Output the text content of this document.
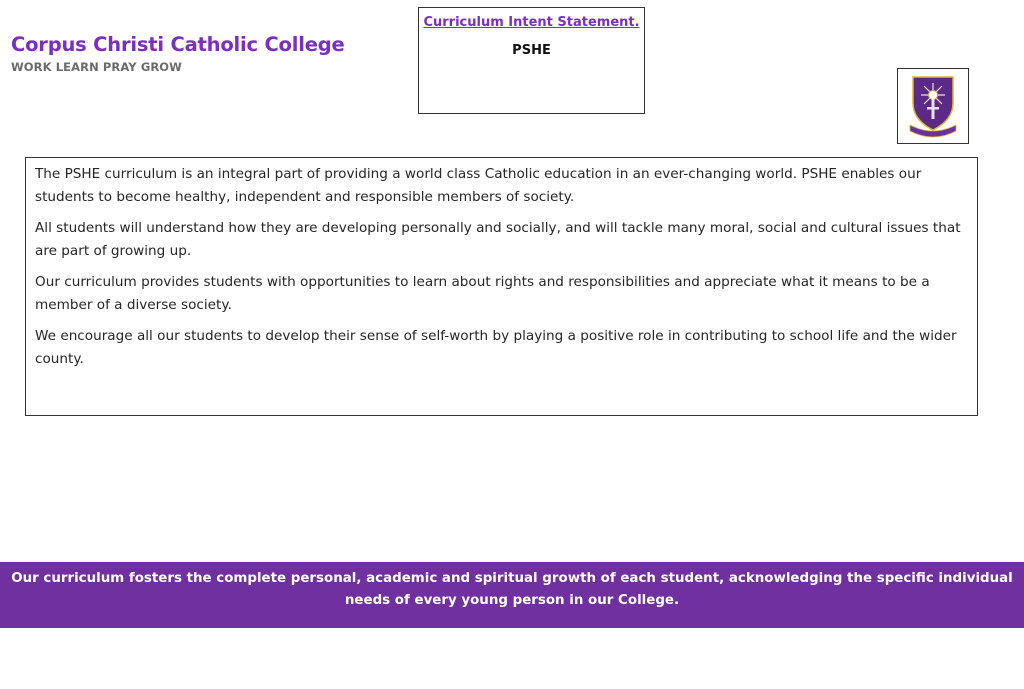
Corpus Christi Catholic College
WORK LEARN PRAY GROW
Curriculum Intent Statement.
PSHE

The PSHE curriculum is an integral part of providing a world class Catholic education in an ever-changing world. PSHE enables our students to become healthy, independent and responsible members of society.

All students will understand how they are developing personally and socially, and will tackle many moral, social and cultural issues that are part of growing up.

Our curriculum provides students with opportunities to learn about rights and responsibilities and appreciate what it means to be a member of a diverse society.

We encourage all our students to develop their sense of self-worth by playing a positive role in contributing to school life and the wider county.

Our curriculum fosters the complete personal, academic and spiritual growth of each student, acknowledging the specific individual needs of every young person in our College.
